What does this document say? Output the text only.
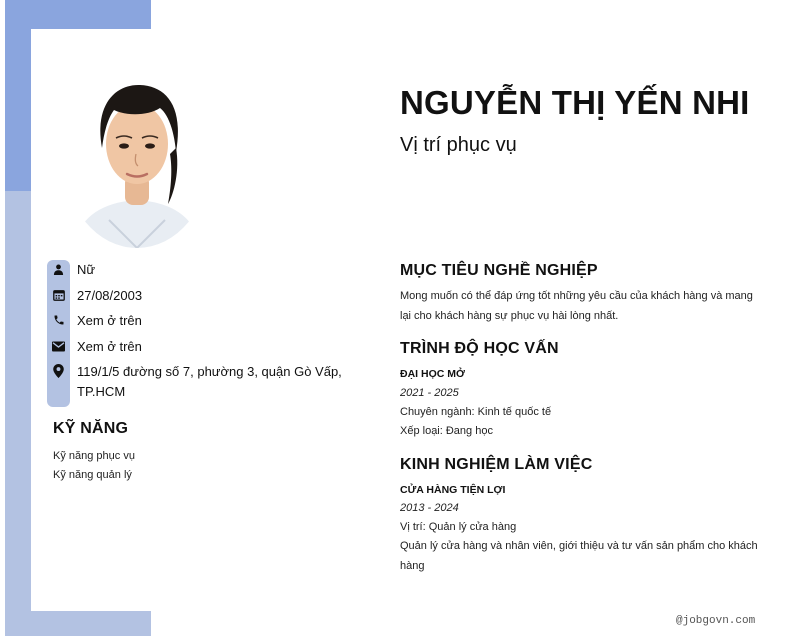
Nữ
27/08/2003
Xem ở trên
Xem ở trên
119/1/5 đường số 7, phường 3, quận Gò Vấp,
TP.HCM
KỸ NĂNG
Kỹ năng phục vụ
Kỹ năng quản lý
NGUYỄN THỊ YẾN NHI
Vị trí phục vụ
MỤC TIÊU NGHỀ NGHIỆP
Mong muốn có thể đáp ứng tốt những yêu cầu của khách hàng và mang
lại cho khách hàng sự phục vụ hài lòng nhất.
TRÌNH ĐỘ HỌC VẤN
ĐẠI HỌC MỞ
2021 - 2025
Chuyên ngành: Kinh tế quốc tế
Xếp loại: Đang học
KINH NGHIỆM LÀM VIỆC
CỬA HÀNG TIỆN LỢI
2013 - 2024
Vị trí: Quản lý cửa hàng
Quản lý cửa hàng và nhân viên, giới thiệu và tư vấn sản phẩm cho khách
hàng
@jobgovn.com
